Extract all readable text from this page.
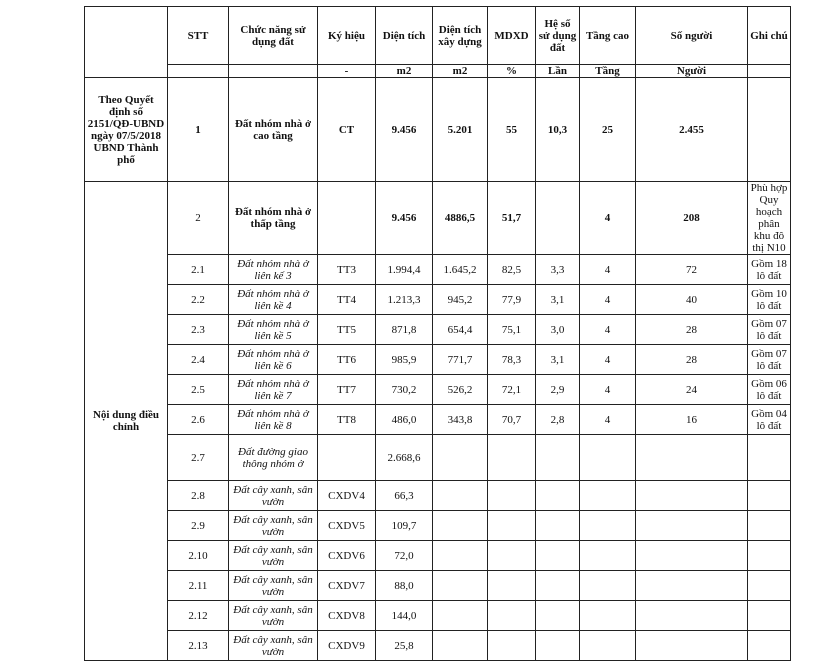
	STT	Chức năng sử dụng đất	Ký hiệu	Diện tích	Diện tích xây dựng	MDXD	Hệ số sử dụng đất	Tầng cao	Số người	Ghi chú
			-	m2	m2	%	Lần	Tầng	Người	
Theo Quyết định số 2151/QĐ-UBND ngày 07/5/2018 UBND Thành phố	1	Đất nhóm nhà ở cao tầng	CT	9.456	5.201	55	10,3	25	2.455	
Nội dung điều chỉnh	2	Đất nhóm nhà ở thấp tầng		9.456	4886,5	51,7		4	208	Phù hợp Quy hoạch phân khu đô thị N10
	2.1	Đất nhóm nhà ở liên kế 3	TT3	1.994,4	1.645,2	82,5	3,3	4	72	Gồm 18 lô đất
	2.2	Đất nhóm nhà ở liên kề 4	TT4	1.213,3	945,2	77,9	3,1	4	40	Gồm 10 lô đất
	2.3	Đất nhóm nhà ở liên kề 5	TT5	871,8	654,4	75,1	3,0	4	28	Gồm 07 lô đất
	2.4	Đất nhóm nhà ở liên kề 6	TT6	985,9	771,7	78,3	3,1	4	28	Gồm 07 lô đất
	2.5	Đất nhóm nhà ở liên kề 7	TT7	730,2	526,2	72,1	2,9	4	24	Gồm 06 lô đất
	2.6	Đất nhóm nhà ở liên kề 8	TT8	486,0	343,8	70,7	2,8	4	16	Gồm 04 lô đất
	2.7	Đất đường giao thông nhóm ở		2.668,6						
	2.8	Đất cây xanh, sân vườn	CXDV4	66,3						
	2.9	Đất cây xanh, sân vườn	CXDV5	109,7						
	2.10	Đất cây xanh, sân vườn	CXDV6	72,0						
	2.11	Đất cây xanh, sân vườn	CXDV7	88,0						
	2.12	Đất cây xanh, sân vườn	CXDV8	144,0						
	2.13	Đất cây xanh, sân vườn	CXDV9	25,8						
